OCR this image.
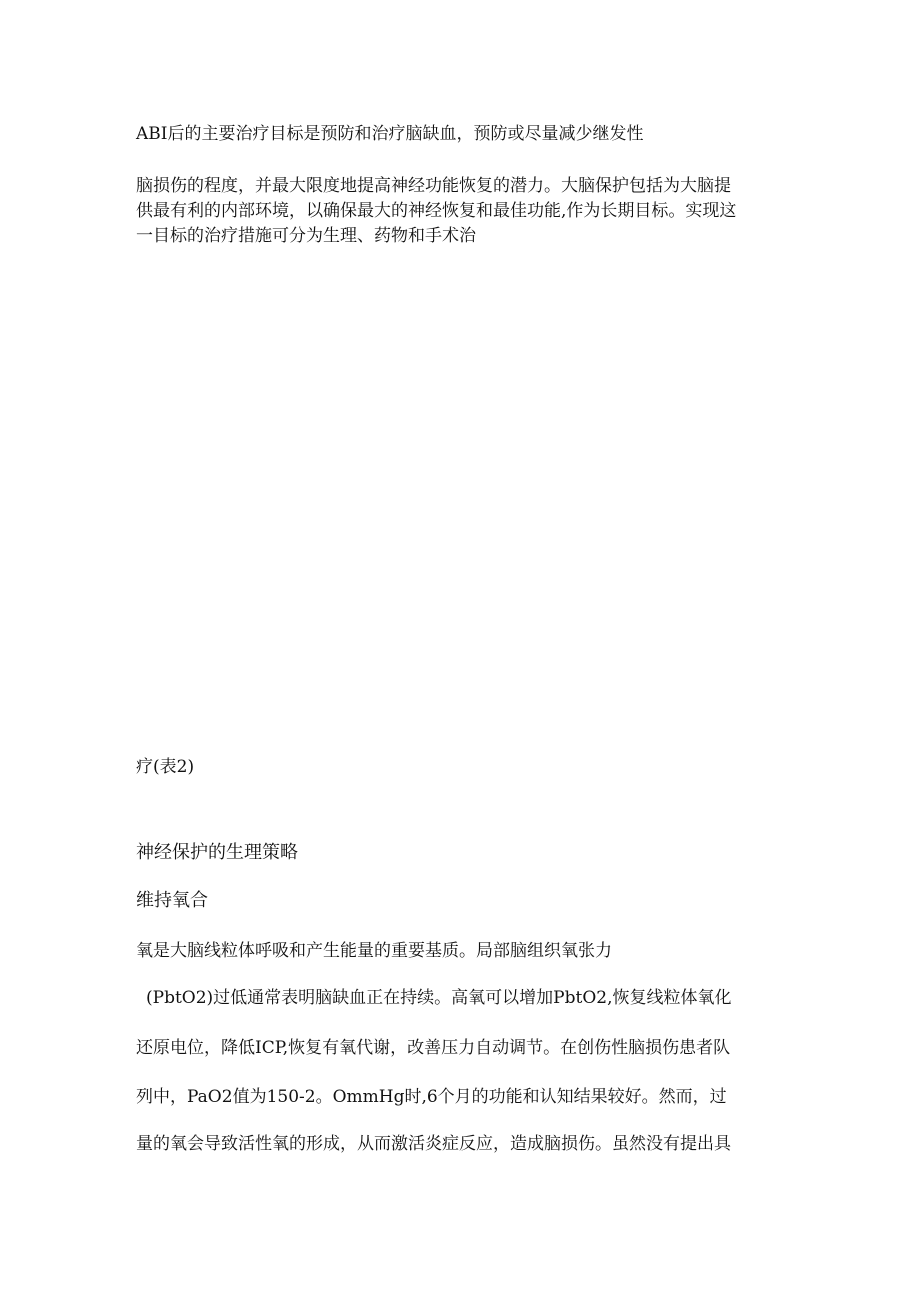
ABI后的主要治疗目标是预防和治疗脑缺血，预防或尽量减少继发性
脑损伤的程度，并最大限度地提高神经功能恢复的潜力。大脑保护包括为大脑提
供最有利的内部环境，以确保最大的神经恢复和最佳功能,作为长期目标。实现这
一目标的治疗措施可分为生理、药物和手术治
疗(表2)
神经保护的生理策略
维持氧合
氧是大脑线粒体呼吸和产生能量的重要基质。局部脑组织氧张力
(PbtO2)过低通常表明脑缺血正在持续。高氧可以增加PbtO2,恢复线粒体氧化
还原电位，降低ICP,恢复有氧代谢，改善压力自动调节。在创伤性脑损伤患者队
列中，PaO2值为150-2。OmmHg时,6个月的功能和认知结果较好。然而，过
量的氧会导致活性氧的形成，从而激活炎症反应，造成脑损伤。虽然没有提出具
